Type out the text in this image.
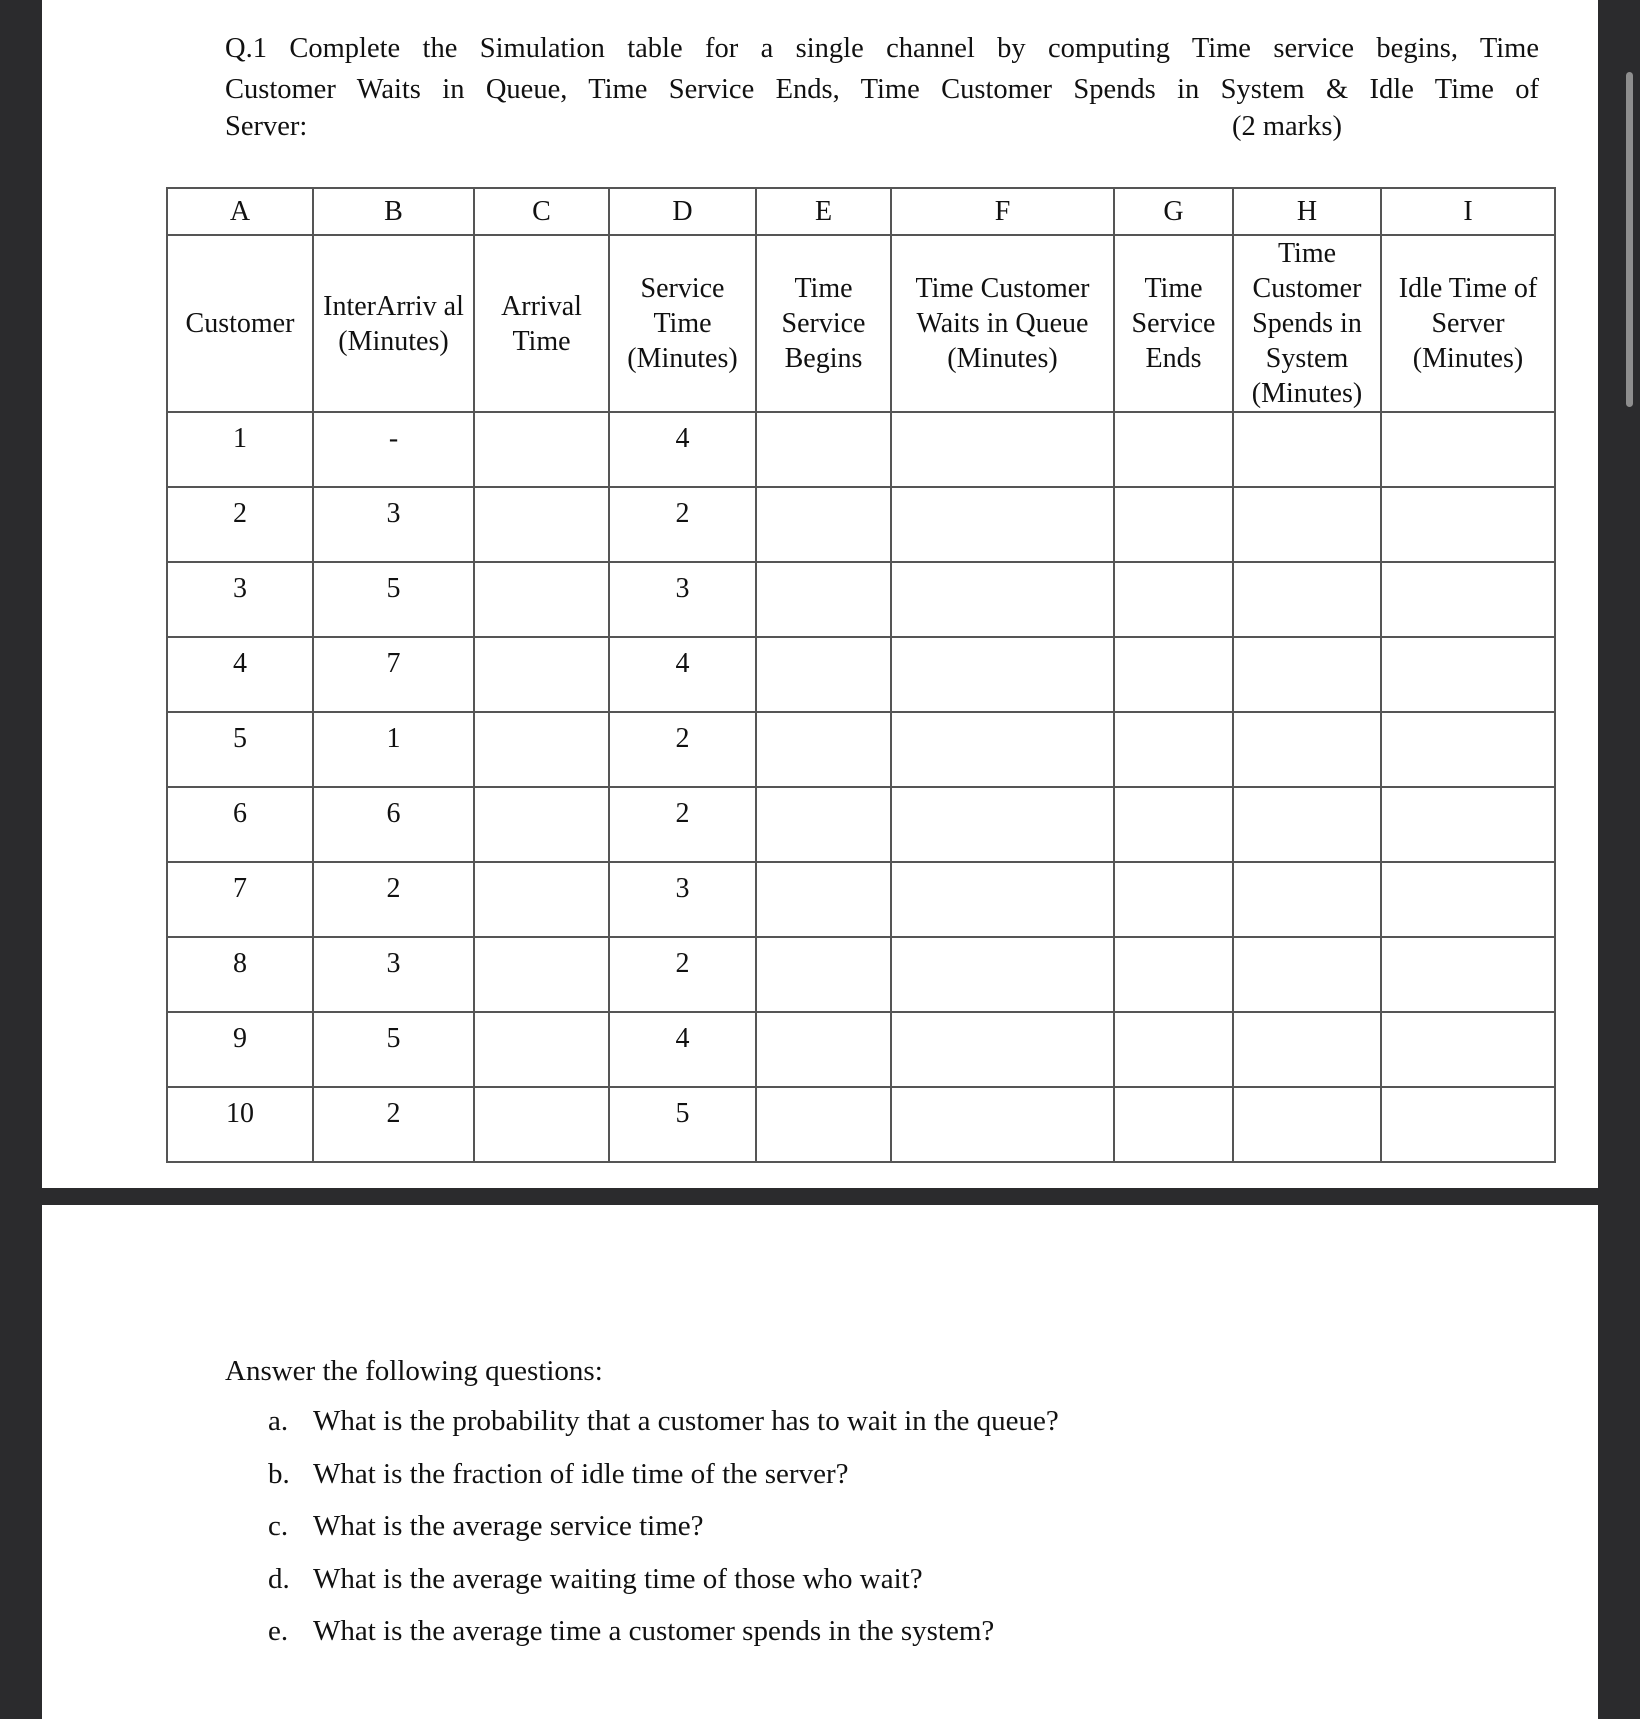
Q.1 Complete the Simulation table for a single channel by computing Time service begins, Time
Customer Waits in Queue, Time Service Ends, Time Customer Spends in System & Idle Time of
Server:	(2 marks)
A	B	C	D	E	F	G	H	I
Customer	InterArriv al (Minutes)	Arrival Time	Service Time (Minutes)	Time Service Begins	Time Customer Waits in Queue (Minutes)	Time Service Ends	Time Customer Spends in System (Minutes)	Idle Time of Server (Minutes)
1	-		4					
2	3		2					
3	5		3					
4	7		4					
5	1		2					
6	6		2					
7	2		3					
8	3		2					
9	5		4					
10	2		5					
Answer the following questions:
a. What is the probability that a customer has to wait in the queue?
b. What is the fraction of idle time of the server?
c. What is the average service time?
d. What is the average waiting time of those who wait?
e. What is the average time a customer spends in the system?
